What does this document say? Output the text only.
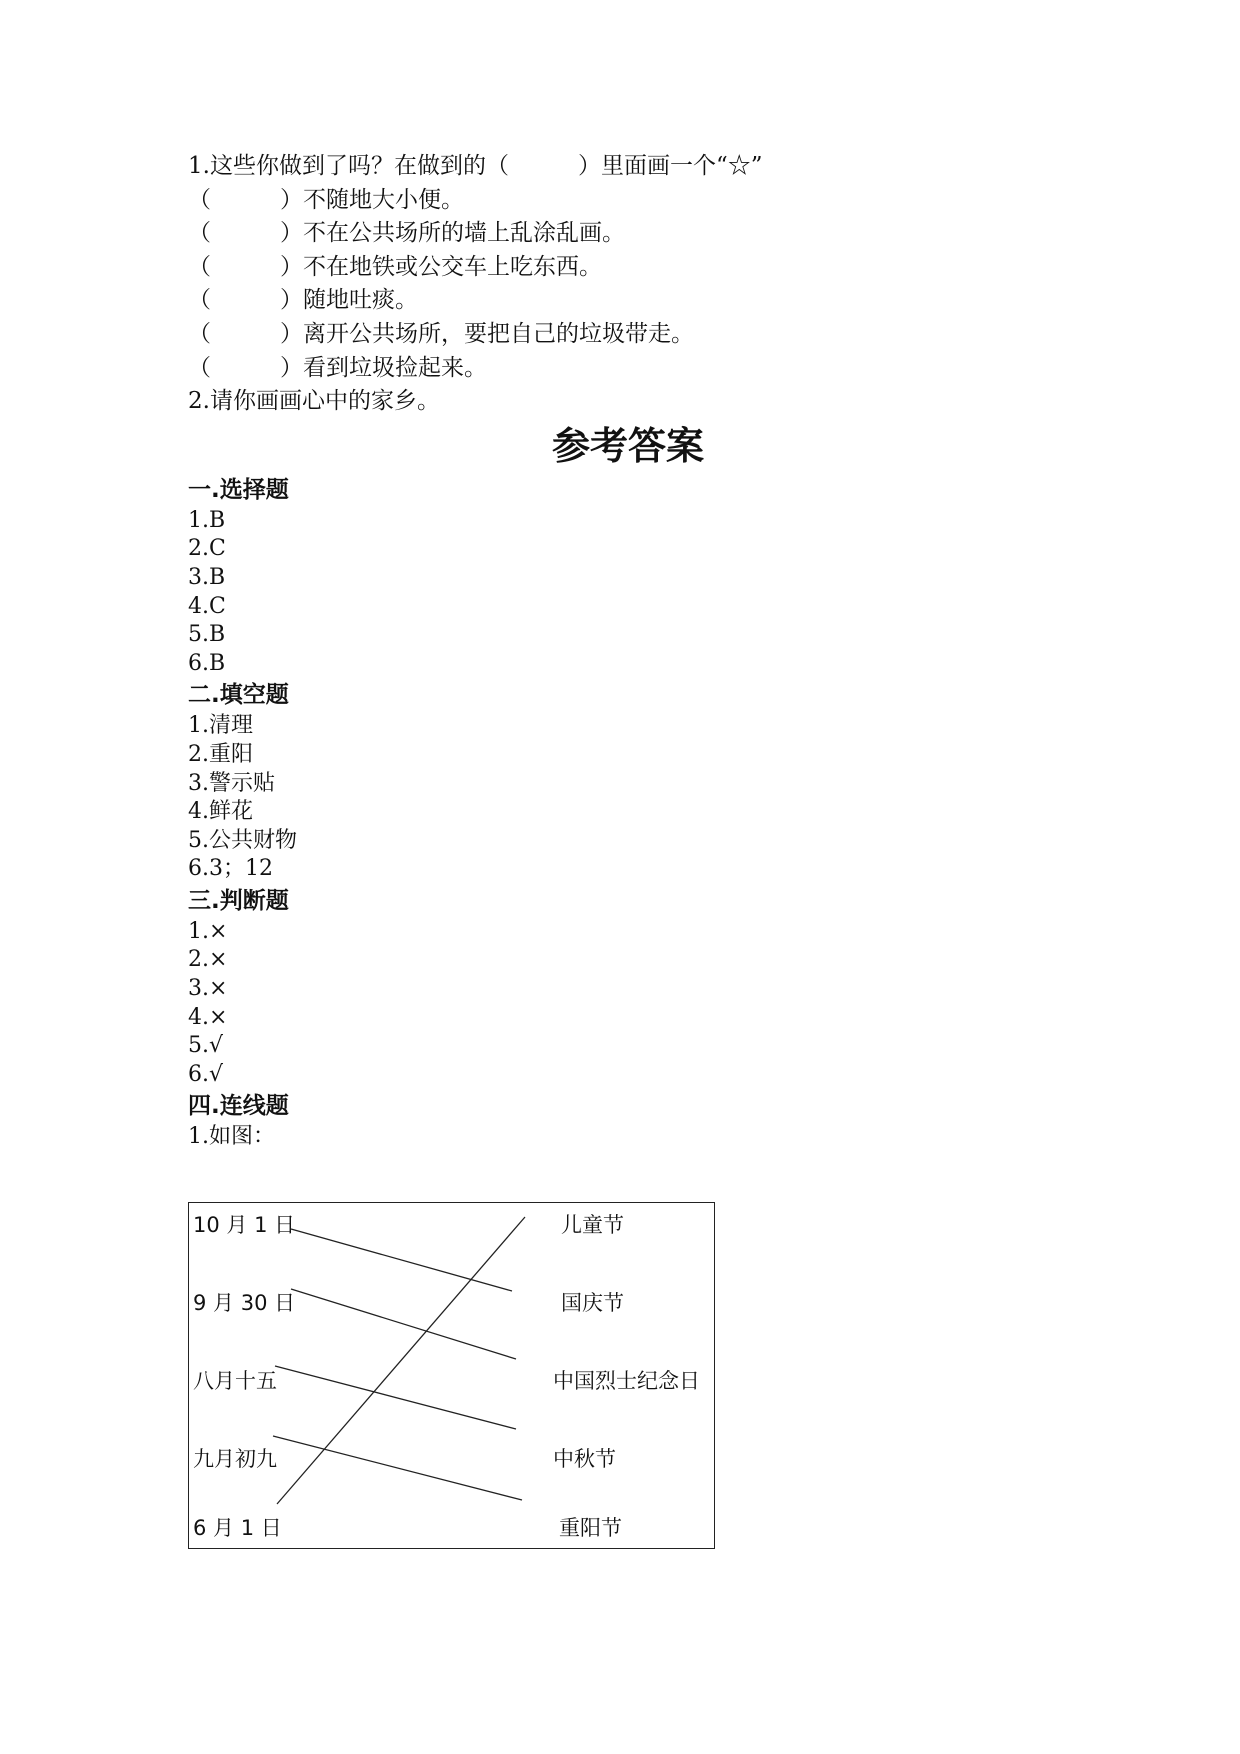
1.这些你做到了吗？在做到的（　　　）里面画一个“☆”
（　　　）不随地大小便。
（　　　）不在公共场所的墙上乱涂乱画。
（　　　）不在地铁或公交车上吃东西。
（　　　）随地吐痰。
（　　　）离开公共场所，要把自己的垃圾带走。
（　　　）看到垃圾捡起来。
2.请你画画心中的家乡。
参考答案
一.选择题
1.B
2.C
3.B
4.C
5.B
6.B
二.填空题
1.清理
2.重阳
3.警示贴
4.鲜花
5.公共财物
6.3；12
三.判断题
1.×
2.×
3.×
4.×
5.√
6.√
四.连线题
1.如图：
10 月 1 日
9 月 30 日
八月十五
九月初九
6 月 1 日
儿童节
国庆节
中国烈士纪念日
中秋节
重阳节
